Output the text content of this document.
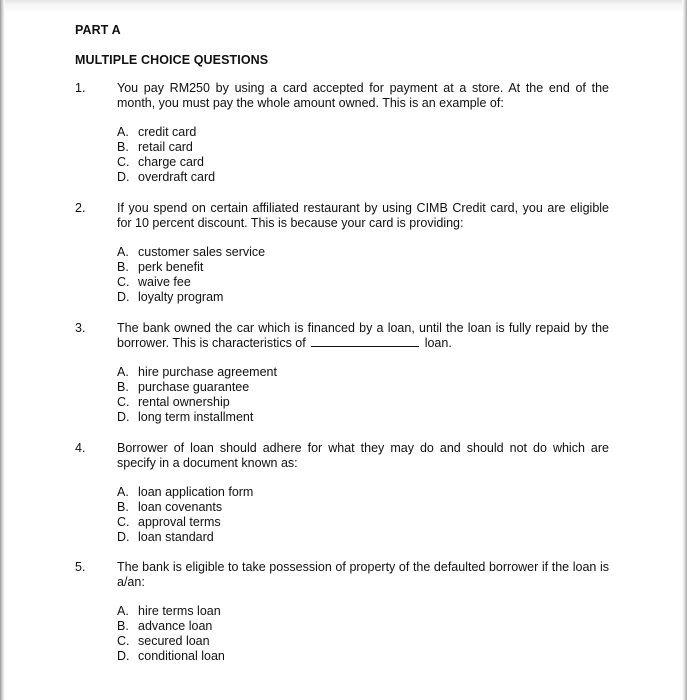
PART A
MULTIPLE CHOICE QUESTIONS
1.	You pay RM250 by using a card accepted for payment at a store. At the end of the month, you must pay the whole amount owned. This is an example of:
A. credit card
B. retail card
C. charge card
D. overdraft card
2.	If you spend on certain affiliated restaurant by using CIMB Credit card, you are eligible for 10 percent discount. This is because your card is providing:
A. customer sales service
B. perk benefit
C. waive fee
D. loyalty program
3.	The bank owned the car which is financed by a loan, until the loan is fully repaid by the borrower. This is characteristics of	loan.
A. hire purchase agreement
B. purchase guarantee
C. rental ownership
D. long term installment
4.	Borrower of loan should adhere for what they may do and should not do which are specify in a document known as:
A. loan application form
B. loan covenants
C. approval terms
D. loan standard
5.	The bank is eligible to take possession of property of the defaulted borrower if the loan is a/an:
A. hire terms loan
B. advance loan
C. secured loan
D. conditional loan
